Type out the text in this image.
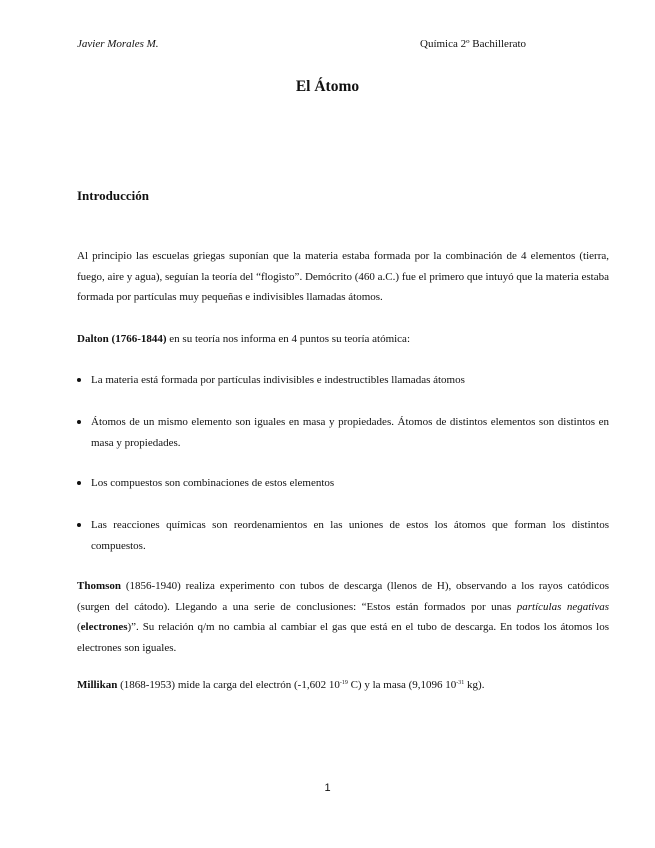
Javier Morales M.	Química 2º Bachillerato
El Átomo
Introducción

Al principio las escuelas griegas suponían que la materia estaba formada por la combinación de 4 elementos (tierra, fuego, aire y agua), seguían la teoría del “flogisto”. Demócrito (460 a.C.) fue el primero que intuyó que la materia estaba formada por partículas muy pequeñas e indivisibles llamadas átomos.

Dalton (1766-1844) en su teoría nos informa en 4 puntos su teoría atómica:

La materia está formada por partículas indivisibles e indestructibles llamadas átomos
Átomos de un mismo elemento son iguales en masa y propiedades. Átomos de distintos elementos son distintos en masa y propiedades.
Los compuestos son combinaciones de estos elementos
Las reacciones químicas son reordenamientos en las uniones de estos los átomos que forman los distintos compuestos.

Thomson (1856-1940) realiza experimento con tubos de descarga (llenos de H), observando a los rayos catódicos (surgen del cátodo). Llegando a una serie de conclusiones: “Estos están formados por unas partículas negativas (electrones)”. Su relación q/m no cambia al cambiar el gas que está en el tubo de descarga. En todos los átomos los electrones son iguales.

Millikan (1868-1953) mide la carga del electrón (-1,602 $10^{-19}$ C) y la masa (9,1096 $10^{-31}$ kg).

1
